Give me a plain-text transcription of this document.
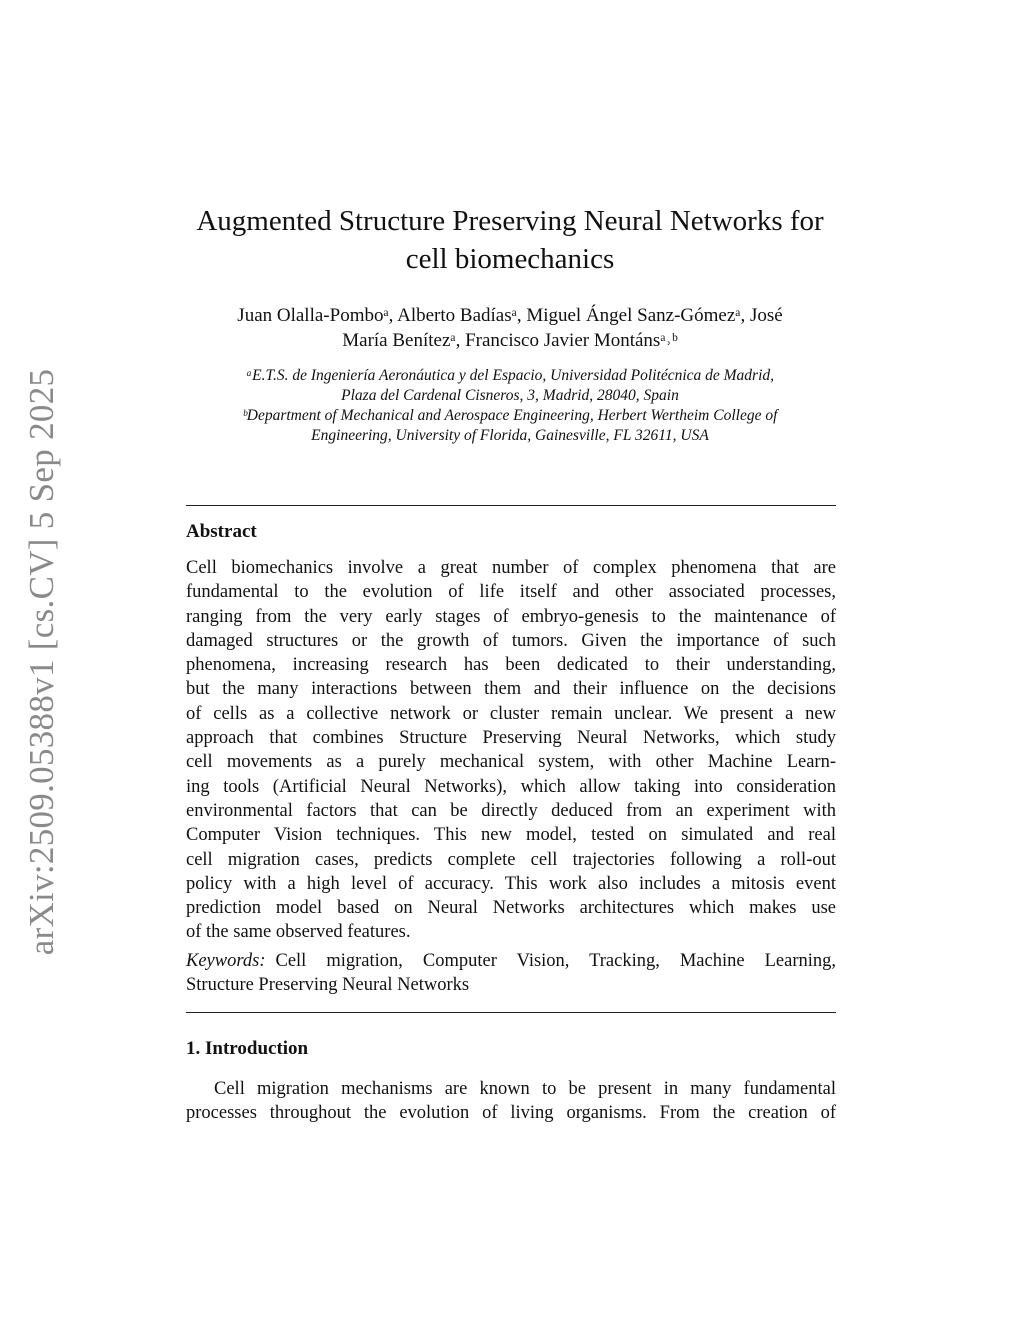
arXiv:2509.05388v1 [cs.CV] 5 Sep 2025
Augmented Structure Preserving Neural Networks for
cell biomechanics
Juan Olalla-Pomboᵃ, Alberto Badíasᵃ, Miguel Ángel Sanz-Gómezᵃ, José
María Benítezᵃ, Francisco Javier Montánsᵃ˒ᵇ
ᵃE.T.S. de Ingeniería Aeronáutica y del Espacio, Universidad Politécnica de Madrid,
Plaza del Cardenal Cisneros, 3, Madrid, 28040, Spain
ᵇDepartment of Mechanical and Aerospace Engineering, Herbert Wertheim College of
Engineering, University of Florida, Gainesville, FL 32611, USA
Abstract
Cell biomechanics involve a great number of complex phenomena that are
fundamental to the evolution of life itself and other associated processes,
ranging from the very early stages of embryo-genesis to the maintenance of
damaged structures or the growth of tumors. Given the importance of such
phenomena, increasing research has been dedicated to their understanding,
but the many interactions between them and their influence on the decisions
of cells as a collective network or cluster remain unclear. We present a new
approach that combines Structure Preserving Neural Networks, which study
cell movements as a purely mechanical system, with other Machine Learn-
ing tools (Artificial Neural Networks), which allow taking into consideration
environmental factors that can be directly deduced from an experiment with
Computer Vision techniques. This new model, tested on simulated and real
cell migration cases, predicts complete cell trajectories following a roll-out
policy with a high level of accuracy. This work also includes a mitosis event
prediction model based on Neural Networks architectures which makes use
of the same observed features.
Keywords: Cell migration, Computer Vision, Tracking, Machine Learning,
Structure Preserving Neural Networks
1. Introduction
Cell migration mechanisms are known to be present in many fundamental
processes throughout the evolution of living organisms. From the creation of
